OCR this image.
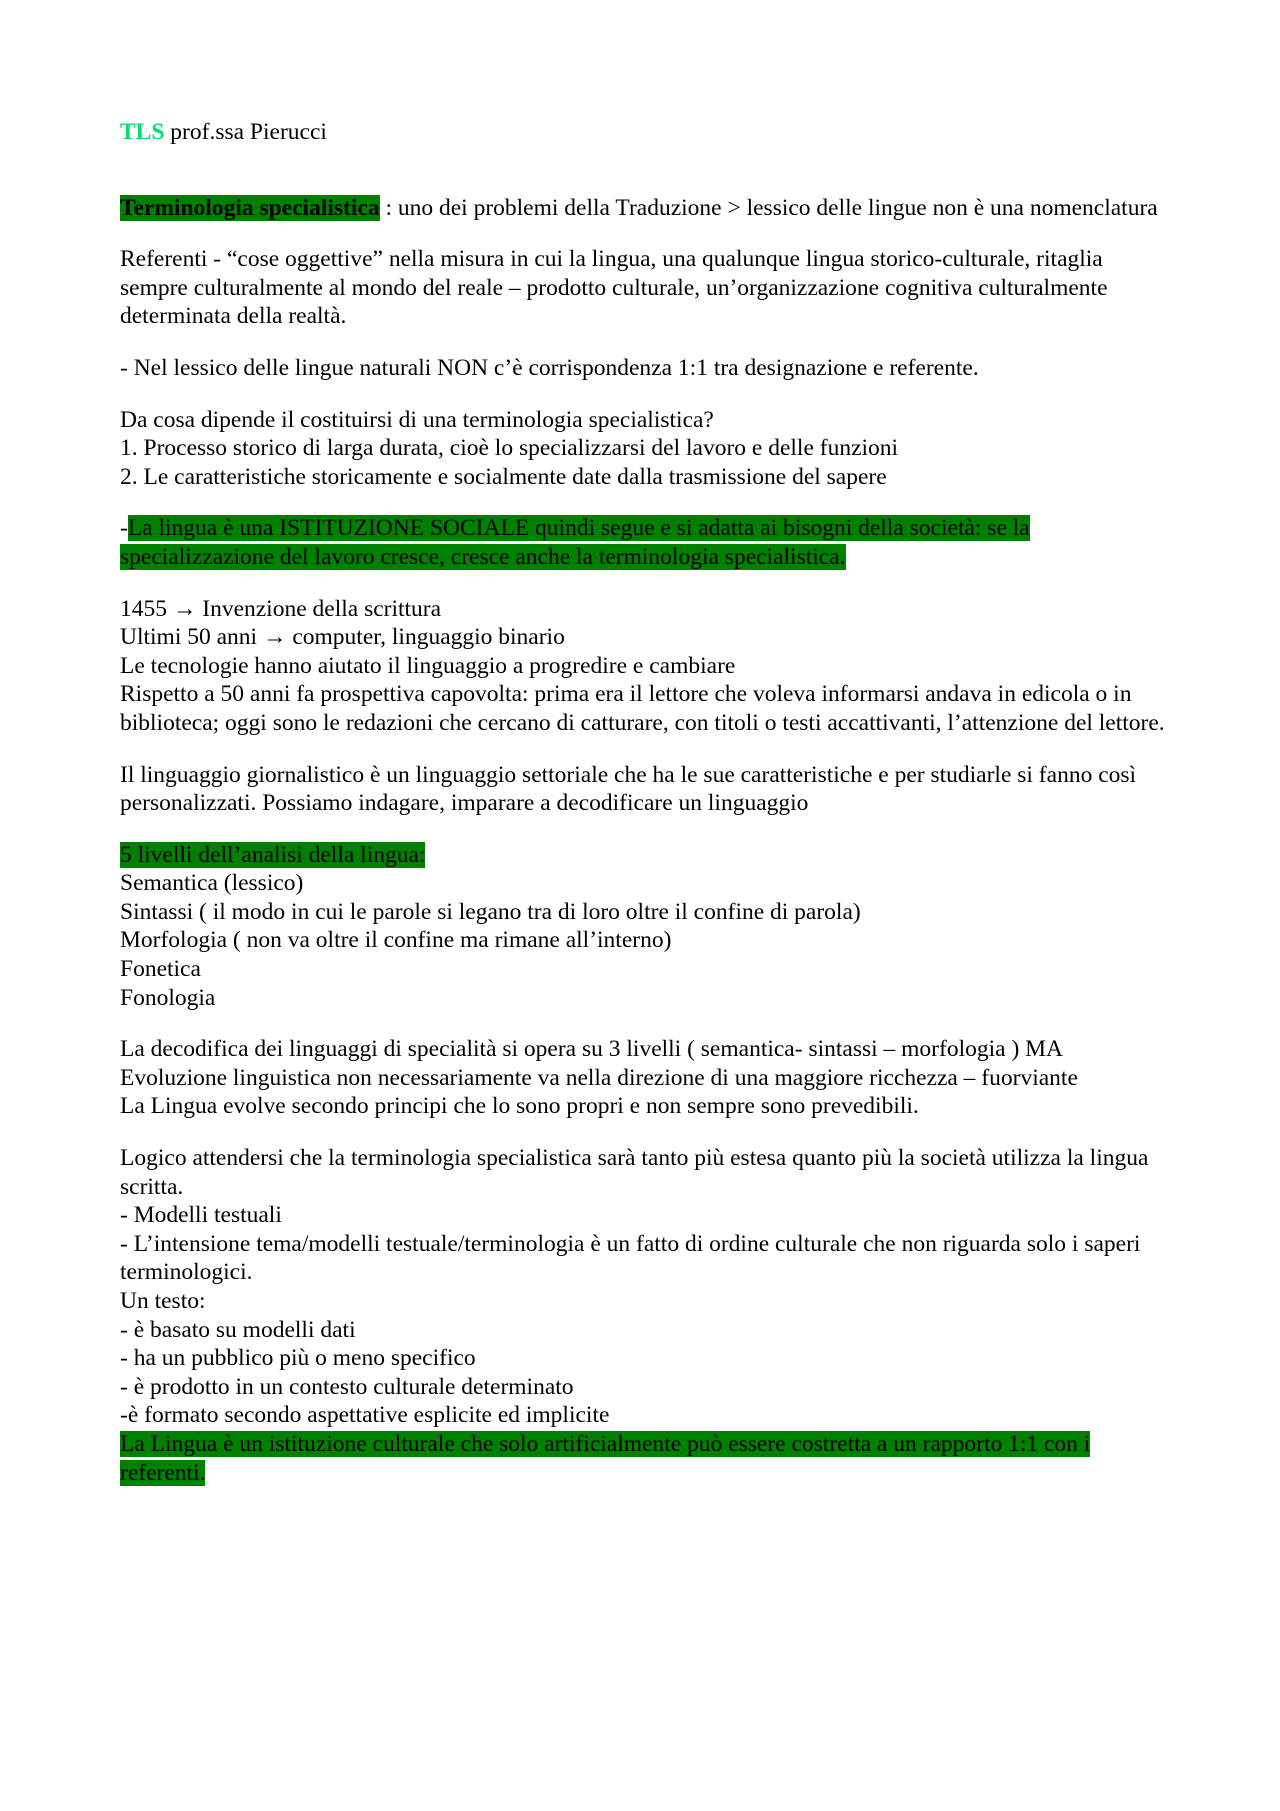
TLS prof.ssa Pierucci
Terminologia specialistica : uno dei problemi della Traduzione > lessico delle lingue non è una nomenclatura
Referenti - “cose oggettive” nella misura in cui la lingua, una qualunque lingua storico-culturale, ritaglia sempre culturalmente al mondo del reale – prodotto culturale, un’organizzazione cognitiva culturalmente determinata della realtà.
- Nel lessico delle lingue naturali NON c’è corrispondenza 1:1 tra designazione e referente.
Da cosa dipende il costituirsi di una terminologia specialistica?
1. Processo storico di larga durata, cioè lo specializzarsi del lavoro e delle funzioni
2. Le caratteristiche storicamente e socialmente date dalla trasmissione del sapere
-La lingua è una ISTITUZIONE SOCIALE quindi segue e si adatta ai bisogni della società: se la specializzazione del lavoro cresce, cresce anche la terminologia specialistica.
1455 → Invenzione della scrittura
Ultimi 50 anni → computer, linguaggio binario
Le tecnologie hanno aiutato il linguaggio a progredire e cambiare
Rispetto a 50 anni fa prospettiva capovolta: prima era il lettore che voleva informarsi andava in edicola o in biblioteca; oggi sono le redazioni che cercano di catturare, con titoli o testi accattivanti, l’attenzione del lettore.
Il linguaggio giornalistico è un linguaggio settoriale che ha le sue caratteristiche e per studiarle si fanno così personalizzati. Possiamo indagare, imparare a decodificare un linguaggio
5 livelli dell’analisi della lingua:
Semantica (lessico)
Sintassi ( il modo in cui le parole si legano tra di loro oltre il confine di parola)
Morfologia ( non va oltre il confine ma rimane all’interno)
Fonetica
Fonologia
La decodifica dei linguaggi di specialità si opera su 3 livelli ( semantica- sintassi – morfologia ) MA
Evoluzione linguistica non necessariamente va nella direzione di una maggiore ricchezza – fuorviante
La Lingua evolve secondo principi che lo sono propri e non sempre sono prevedibili.
Logico attendersi che la terminologia specialistica sarà tanto più estesa quanto più la società utilizza la lingua scritta.
- Modelli testuali
- L’intensione tema/modelli testuale/terminologia è un fatto di ordine culturale che non riguarda solo i saperi terminologici.
Un testo:
- è basato su modelli dati
- ha un pubblico più o meno specifico
- è prodotto in un contesto culturale determinato
-è formato secondo aspettative esplicite ed implicite
La Lingua è un istituzione culturale che solo artificialmente può essere costretta a un rapporto 1:1 con i referenti.
